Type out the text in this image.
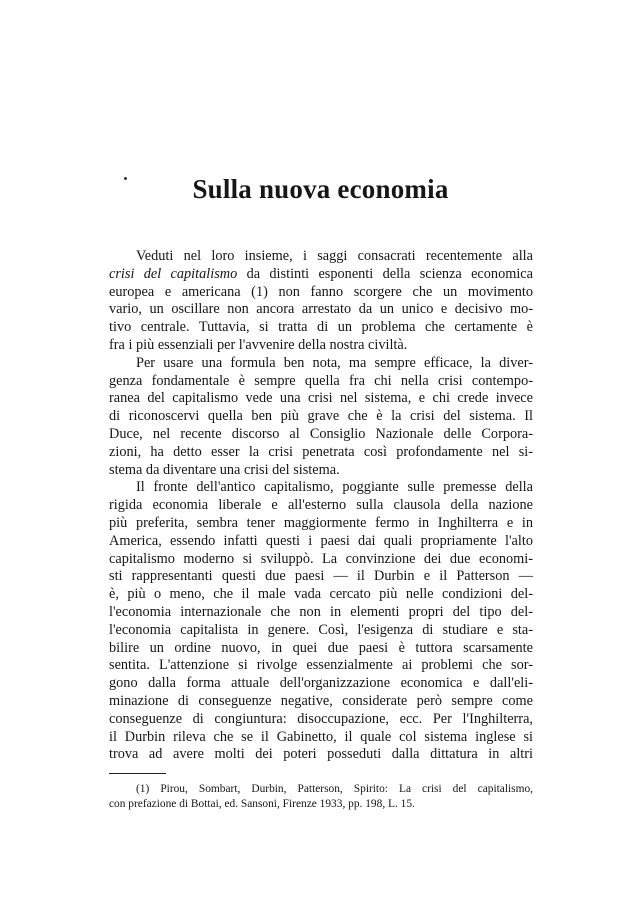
Sulla nuova economia
Veduti nel loro insieme, i saggi consacrati recentemente alla
crisi del capitalismo da distinti esponenti della scienza economica
europea e americana (1) non fanno scorgere che un movimento
vario, un oscillare non ancora arrestato da un unico e decisivo mo-
tivo centrale. Tuttavia, si tratta di un problema che certamente è
fra i più essenziali per l'avvenire della nostra civiltà.
Per usare una formula ben nota, ma sempre efficace, la diver-
genza fondamentale è sempre quella fra chi nella crisi contempo-
ranea del capitalismo vede una crisi nel sistema, e chi crede invece
di riconoscervi quella ben più grave che è la crisi del sistema. Il
Duce, nel recente discorso al Consiglio Nazionale delle Corpora-
zioni, ha detto esser la crisi penetrata così profondamente nel si-
stema da diventare una crisi del sistema.
Il fronte dell'antico capitalismo, poggiante sulle premesse della
rigida economia liberale e all'esterno sulla clausola della nazione
più preferita, sembra tener maggiormente fermo in Inghilterra e in
America, essendo infatti questi i paesi dai quali propriamente l'alto
capitalismo moderno si sviluppò. La convinzione dei due economi-
sti rappresentanti questi due paesi — il Durbin e il Patterson —
è, più o meno, che il male vada cercato più nelle condizioni del-
l'economia internazionale che non in elementi propri del tipo del-
l'economia capitalista in genere. Così, l'esigenza di studiare e sta-
bilire un ordine nuovo, in quei due paesi è tuttora scarsamente
sentita. L'attenzione si rivolge essenzialmente ai problemi che sor-
gono dalla forma attuale dell'organizzazione economica e dall'eli-
minazione di conseguenze negative, considerate però sempre come
conseguenze di congiuntura: disoccupazione, ecc. Per l'Inghilterra,
il Durbin rileva che se il Gabinetto, il quale col sistema inglese si
trova ad avere molti dei poteri posseduti dalla dittatura in altri
(1) Pirou, Sombart, Durbin, Patterson, Spirito: La crisi del capitalismo,
con prefazione di Bottai, ed. Sansoni, Firenze 1933, pp. 198, L. 15.
